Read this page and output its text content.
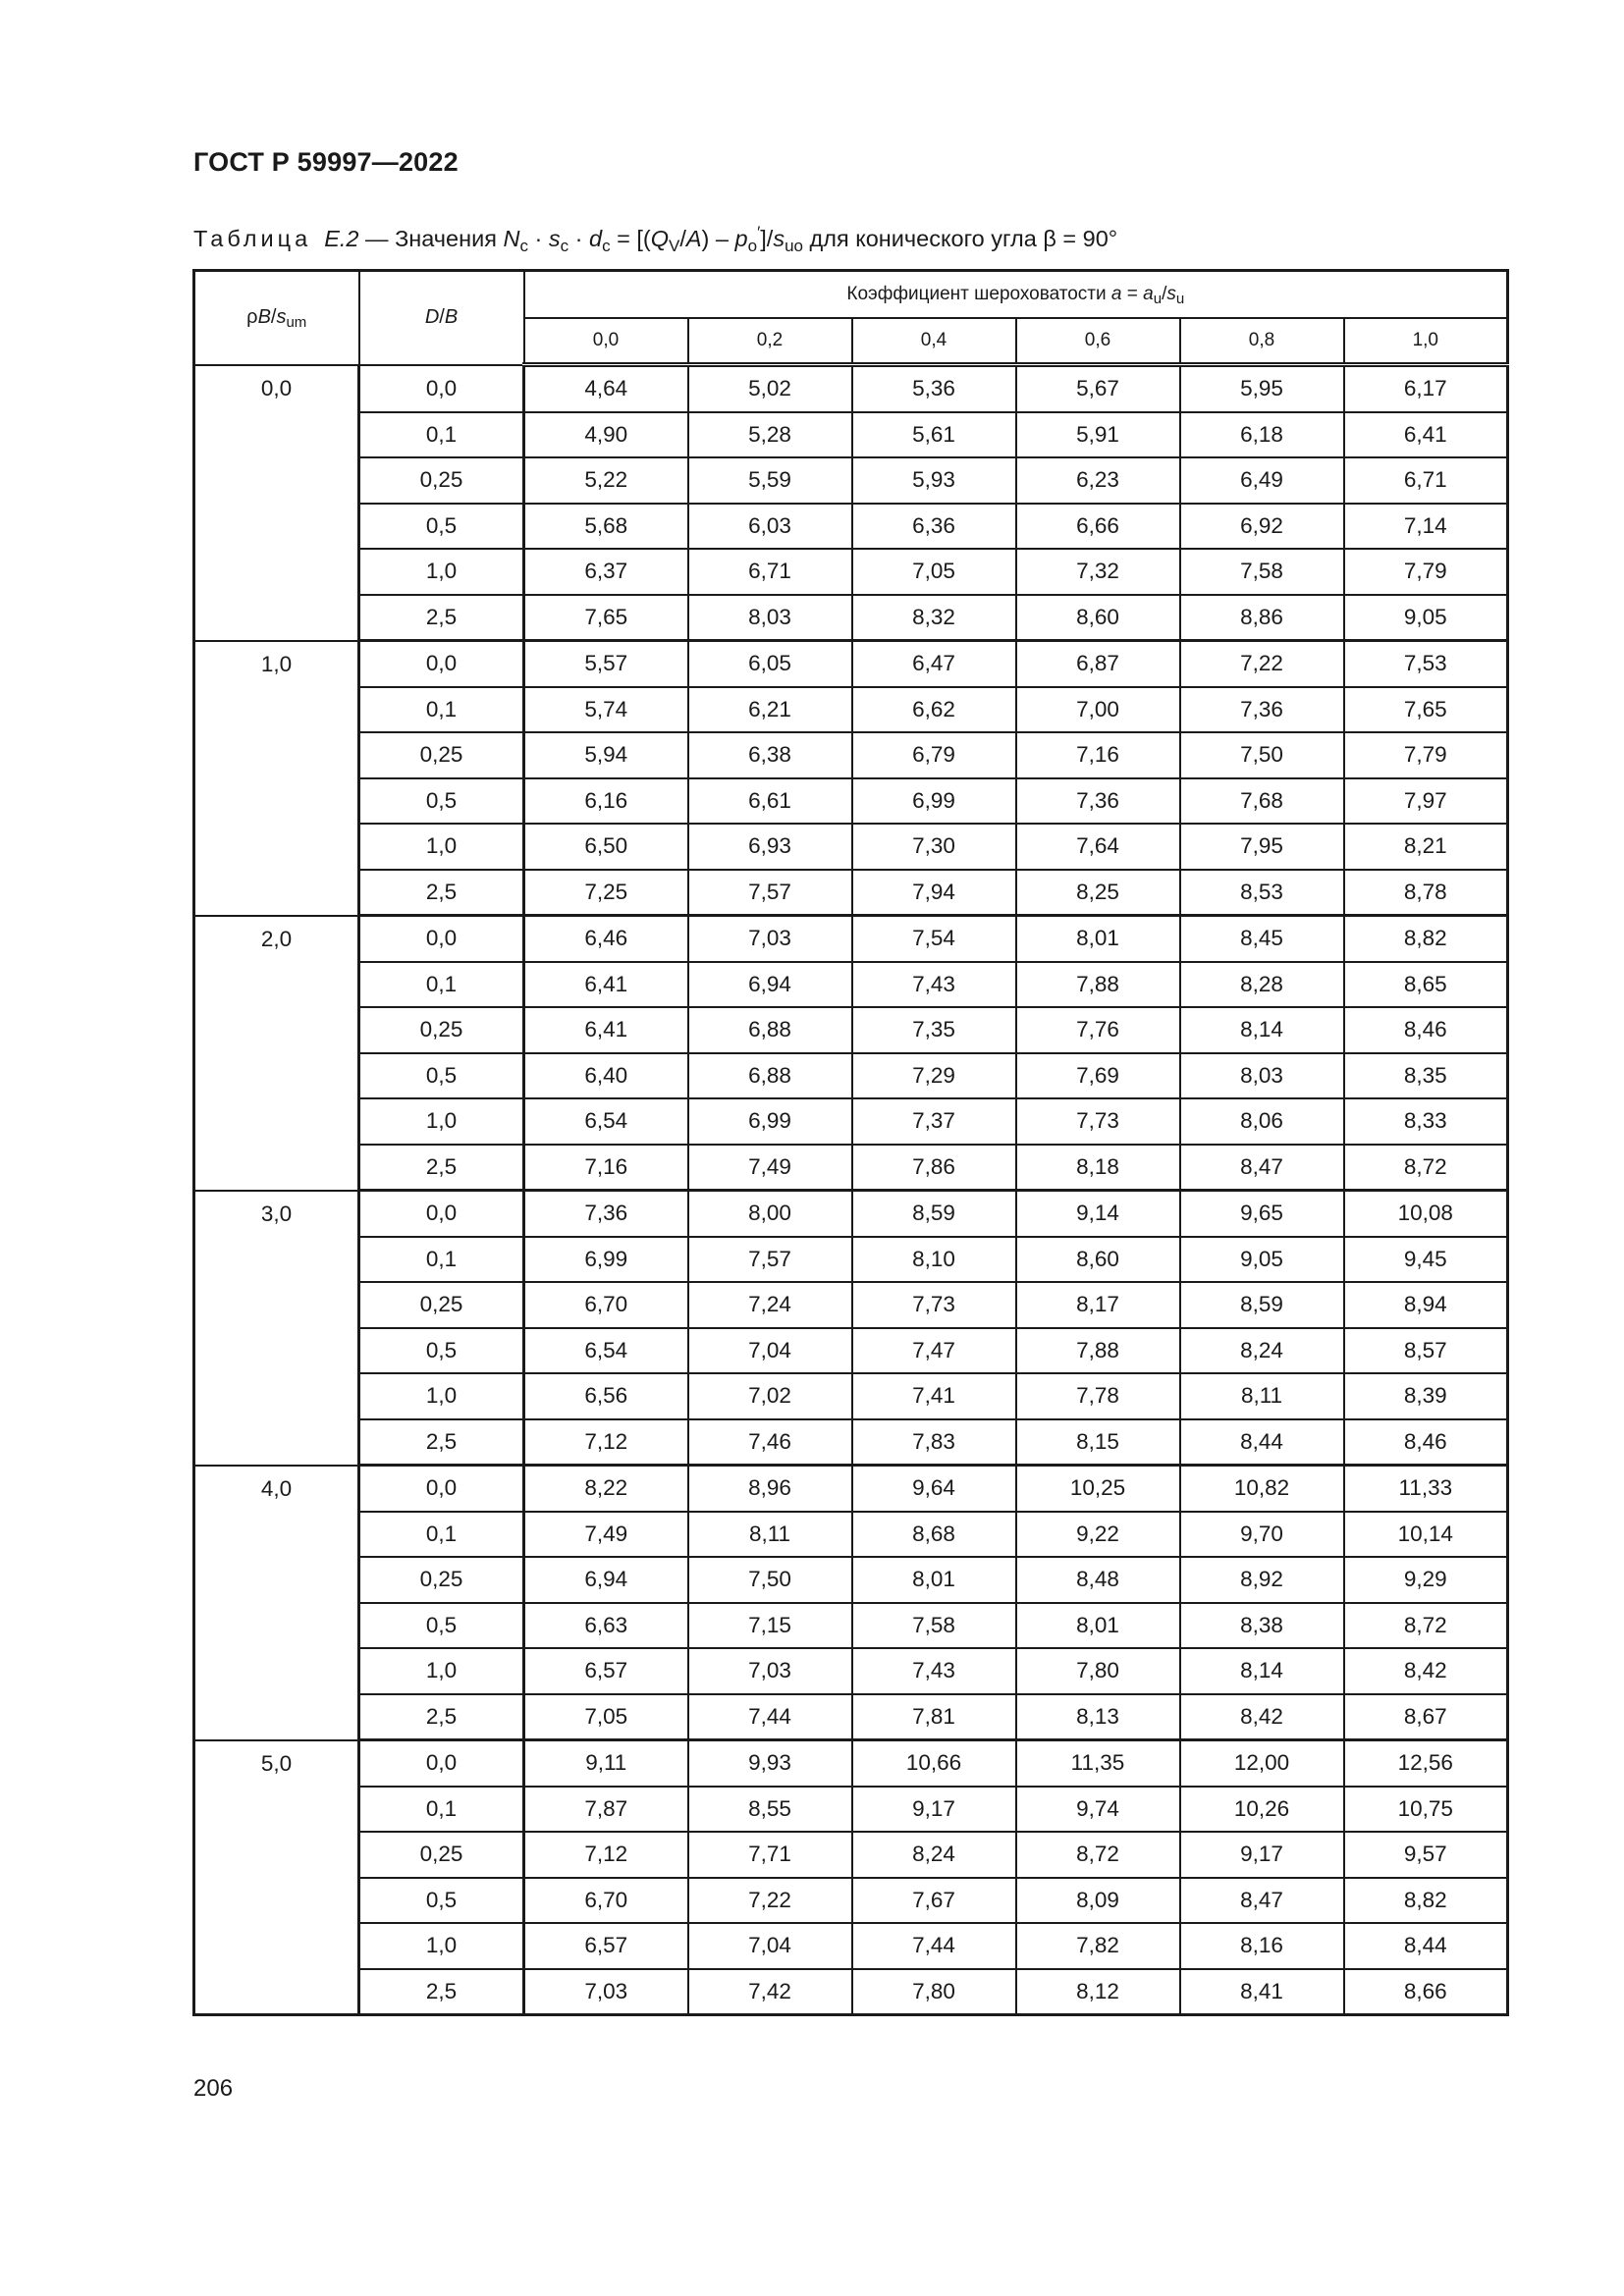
ГОСТ Р 59997—2022
Таблица E.2 — Значения $N_c \cdot s_c \cdot d_c = [(Q_V/A) - p_o']/s_{uo}$ для конического угла β = 90°
$\rho B/s_{um}$	D/B	Коэффициент шероховатости $a = a_u/s_u$
		0,0	0,2	0,4	0,6	0,8	1,0
0,0	0,0	4,64	5,02	5,36	5,67	5,95	6,17
	0,1	4,90	5,28	5,61	5,91	6,18	6,41
	0,25	5,22	5,59	5,93	6,23	6,49	6,71
	0,5	5,68	6,03	6,36	6,66	6,92	7,14
	1,0	6,37	6,71	7,05	7,32	7,58	7,79
	2,5	7,65	8,03	8,32	8,60	8,86	9,05
1,0	0,0	5,57	6,05	6,47	6,87	7,22	7,53
	0,1	5,74	6,21	6,62	7,00	7,36	7,65
	0,25	5,94	6,38	6,79	7,16	7,50	7,79
	0,5	6,16	6,61	6,99	7,36	7,68	7,97
	1,0	6,50	6,93	7,30	7,64	7,95	8,21
	2,5	7,25	7,57	7,94	8,25	8,53	8,78
2,0	0,0	6,46	7,03	7,54	8,01	8,45	8,82
	0,1	6,41	6,94	7,43	7,88	8,28	8,65
	0,25	6,41	6,88	7,35	7,76	8,14	8,46
	0,5	6,40	6,88	7,29	7,69	8,03	8,35
	1,0	6,54	6,99	7,37	7,73	8,06	8,33
	2,5	7,16	7,49	7,86	8,18	8,47	8,72
3,0	0,0	7,36	8,00	8,59	9,14	9,65	10,08
	0,1	6,99	7,57	8,10	8,60	9,05	9,45
	0,25	6,70	7,24	7,73	8,17	8,59	8,94
	0,5	6,54	7,04	7,47	7,88	8,24	8,57
	1,0	6,56	7,02	7,41	7,78	8,11	8,39
	2,5	7,12	7,46	7,83	8,15	8,44	8,46
4,0	0,0	8,22	8,96	9,64	10,25	10,82	11,33
	0,1	7,49	8,11	8,68	9,22	9,70	10,14
	0,25	6,94	7,50	8,01	8,48	8,92	9,29
	0,5	6,63	7,15	7,58	8,01	8,38	8,72
	1,0	6,57	7,03	7,43	7,80	8,14	8,42
	2,5	7,05	7,44	7,81	8,13	8,42	8,67
5,0	0,0	9,11	9,93	10,66	11,35	12,00	12,56
	0,1	7,87	8,55	9,17	9,74	10,26	10,75
	0,25	7,12	7,71	8,24	8,72	9,17	9,57
	0,5	6,70	7,22	7,67	8,09	8,47	8,82
	1,0	6,57	7,04	7,44	7,82	8,16	8,44
	2,5	7,03	7,42	7,80	8,12	8,41	8,66
206
